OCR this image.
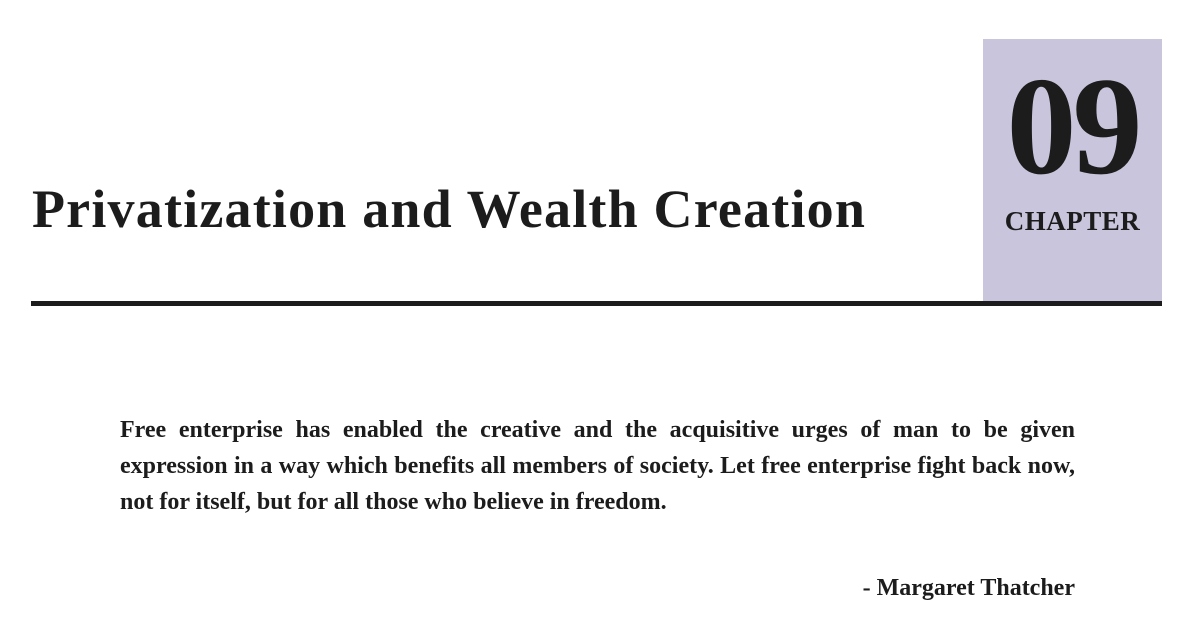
Privatization and Wealth Creation
09
CHAPTER

Free enterprise has enabled the creative and the acquisitive urges of man to be given expression in a way which benefits all members of society. Let free enterprise fight back now, not for itself, but for all those who believe in freedom.

- Margaret Thatcher
